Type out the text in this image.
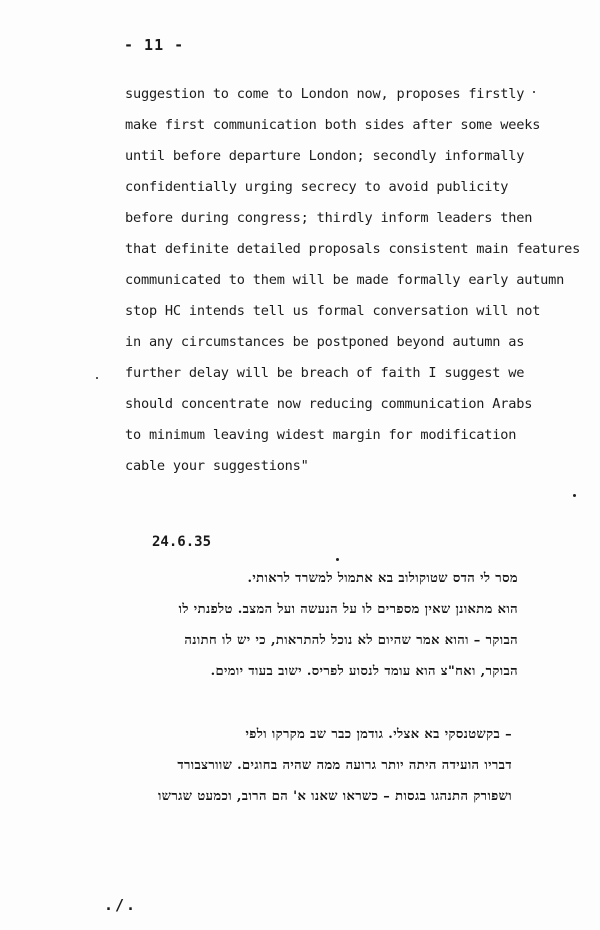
- 11 -
suggestion to come to London now, proposes firstly
make first communication both sides after some weeks
until before departure London; secondly informally
confidentially urging secrecy to avoid publicity
before during congress; thirdly inform leaders then
that definite detailed proposals consistent main features
communicated to them will be made formally early autumn
stop HC intends tell us formal conversation will not
in any circumstances be postponed beyond autumn as
further delay will be breach of faith I suggest we
should concentrate now reducing communication Arabs
to minimum leaving widest margin for modification
cable your suggestions"
24.6.35
מסר לי הדס שטוקולוב בא אתמול למשרד לראותי.
הוא מתאונן שאין מספרים לו על הנעשה ועל המצב. טלפנתי לו
הבוקר – והוא אמר שהיום לא נוכל להתראות, כי יש לו חתונה
הבוקר, ואח"צ הוא עומד לנסוע לפריס. ישוב בעוד יומים.
– בקשטנסקי בא אצלי. גודמן כבר שב מקרקו ולפי
דבריו הועידה היתה יותר גרועה ממה שהיה בחוגים. שוורצבורד
ושפורק התנהגו בגסות – כשראו שאנו א' הם הרוב, וכמעט שגרשו
./.
